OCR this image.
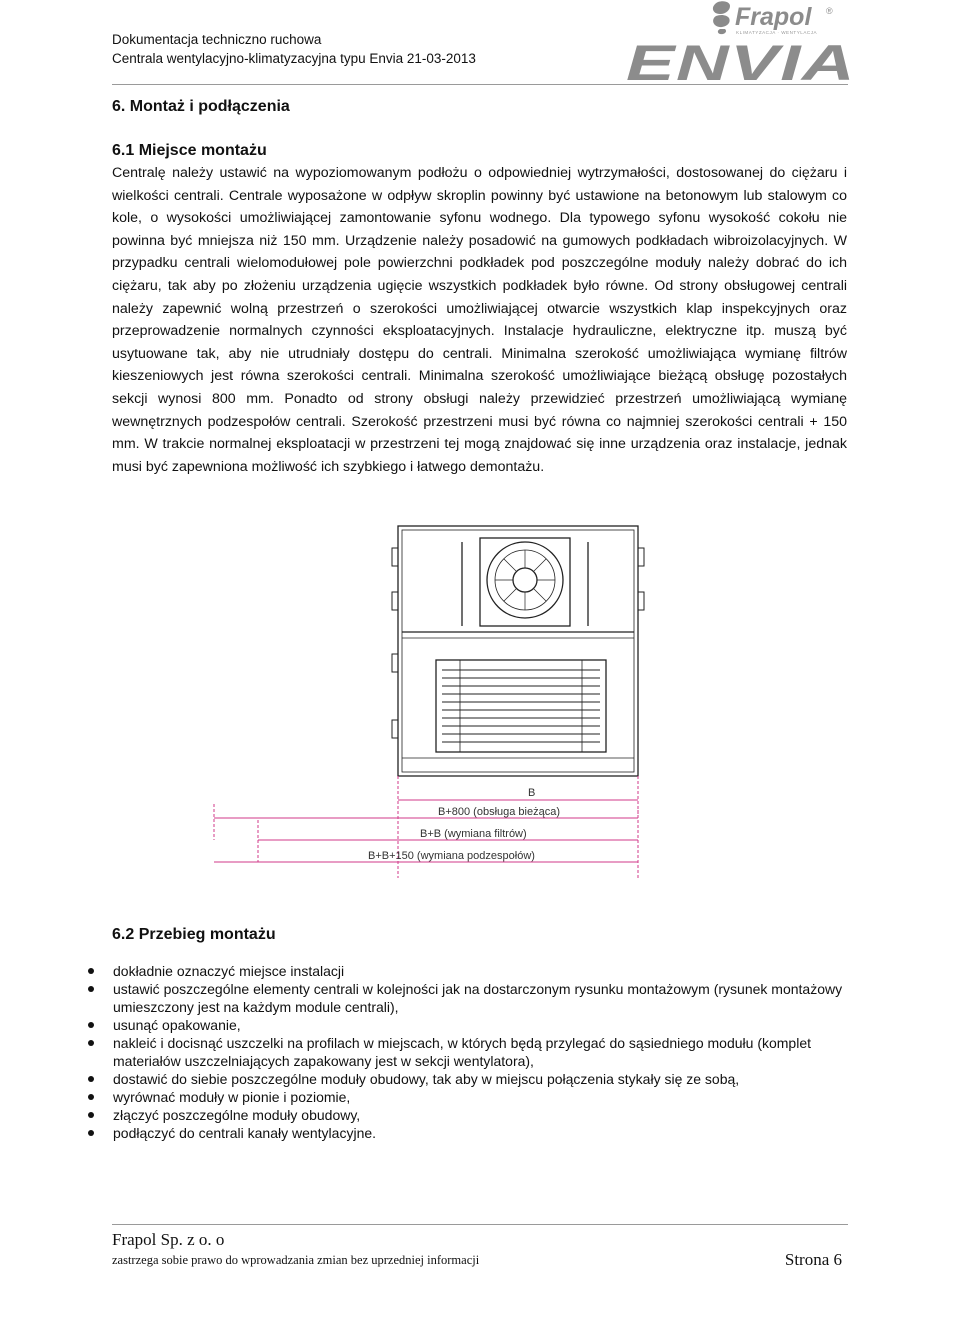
Dokumentacja techniczno ruchowa
Centrala wentylacyjno-klimatyzacyjna typu Envia 21-03-2013
Frapol ®
KLIMATYZACJA · WENTYLACJA
ENVIA
6. Montaż i podłączenia
6.1 Miejsce montażu

Centralę należy ustawić na wypoziomowanym podłożu o odpowiedniej wytrzymałości, dostosowanej do ciężaru i wielkości centrali. Centrale wyposażone w odpływ skroplin powinny być ustawione na betonowym lub stalowym co kole, o wysokości umożliwiającej zamontowanie syfonu wodnego. Dla typowego syfonu wysokość cokołu nie powinna być mniejsza niż 150 mm. Urządzenie należy posadowić na gumowych podkładach wibroizolacyjnych. W przypadku centrali wielomodułowej pole powierzchni podkładek pod poszczególne moduły należy dobrać do ich ciężaru, tak aby po złożeniu urządzenia ugięcie wszystkich podkładek było równe. Od strony obsługowej centrali należy zapewnić wolną przestrzeń o szerokości umożliwiającej otwarcie wszystkich klap inspekcyjnych oraz przeprowadzenie normalnych czynności eksploatacyjnych. Instalacje hydrauliczne, elektryczne itp. muszą być usytuowane tak, aby nie utrudniały dostępu do centrali. Minimalna szerokość umożliwiająca wymianę filtrów kieszeniowych jest równa szerokości centrali. Minimalna szerokość umożliwiające bieżącą obsługę pozostałych sekcji wynosi 800 mm. Ponadto od strony obsługi należy przewidzieć przestrzeń umożliwiającą wymianę wewnętrznych podzespołów centrali. Szerokość przestrzeni musi być równa co najmniej szerokości centrali + 150 mm. W trakcie normalnej eksploatacji w przestrzeni tej mogą znajdować się inne urządzenia oraz instalacje, jednak musi być zapewniona możliwość ich szybkiego i łatwego demontażu.

B
B+800 (obsługa bieżąca)
B+B (wymiana filtrów)
B+B+150 (wymiana podzespołów)
6.2 Przebieg montażu
dokładnie oznaczyć miejsce instalacji
ustawić poszczególne elementy centrali w kolejności jak na dostarczonym rysunku montażowym (rysunek montażowy umieszczony jest na każdym module centrali),
usunąć opakowanie,
nakleić i docisnąć uszczelki na profilach w miejscach, w których będą przylegać do sąsiedniego modułu (komplet materiałów uszczelniających zapakowany jest w sekcji wentylatora),
dostawić do siebie poszczególne moduły obudowy, tak aby w miejscu połączenia stykały się ze sobą,
wyrównać moduły w pionie i poziomie,
złączyć poszczególne moduły obudowy,
podłączyć do centrali kanały wentylacyjne.
Frapol Sp. z o. o
zastrzega sobie prawo do wprowadzania zmian bez uprzedniej informacji	Strona 6
